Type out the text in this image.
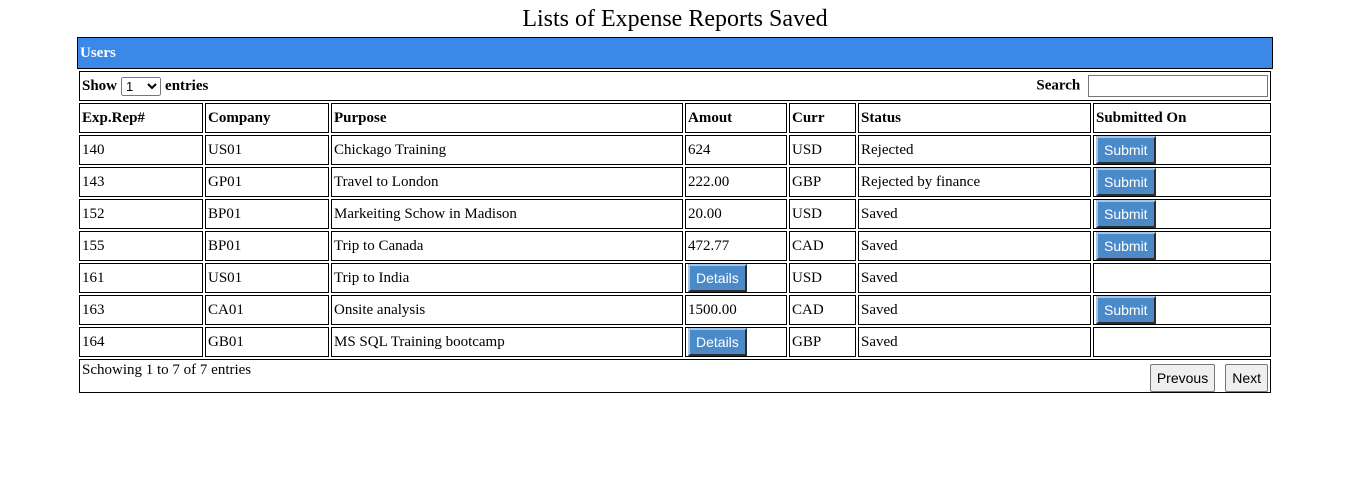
Lists of Expense Reports Saved
Users
Show
1 entries Search

Exp.Rep#	Company	Purpose	Amout	Curr	Status	Submitted On
140	US01	Chickago Training	624	USD	Rejected	Submit
143	GP01	Travel to London	222.00	GBP	Rejected by finance	Submit
152	BP01	Markeiting Schow in Madison	20.00	USD	Saved	Submit
155	BP01	Trip to Canada	472.77	CAD	Saved	Submit
161	US01	Trip to India	Details	USD	Saved	
163	CA01	Onsite analysis	1500.00	CAD	Saved	Submit
164	GB01	MS SQL Training bootcamp	Details	GBP	Saved	

Schowing 1 to 7 of 7 entries Prevous Next						
